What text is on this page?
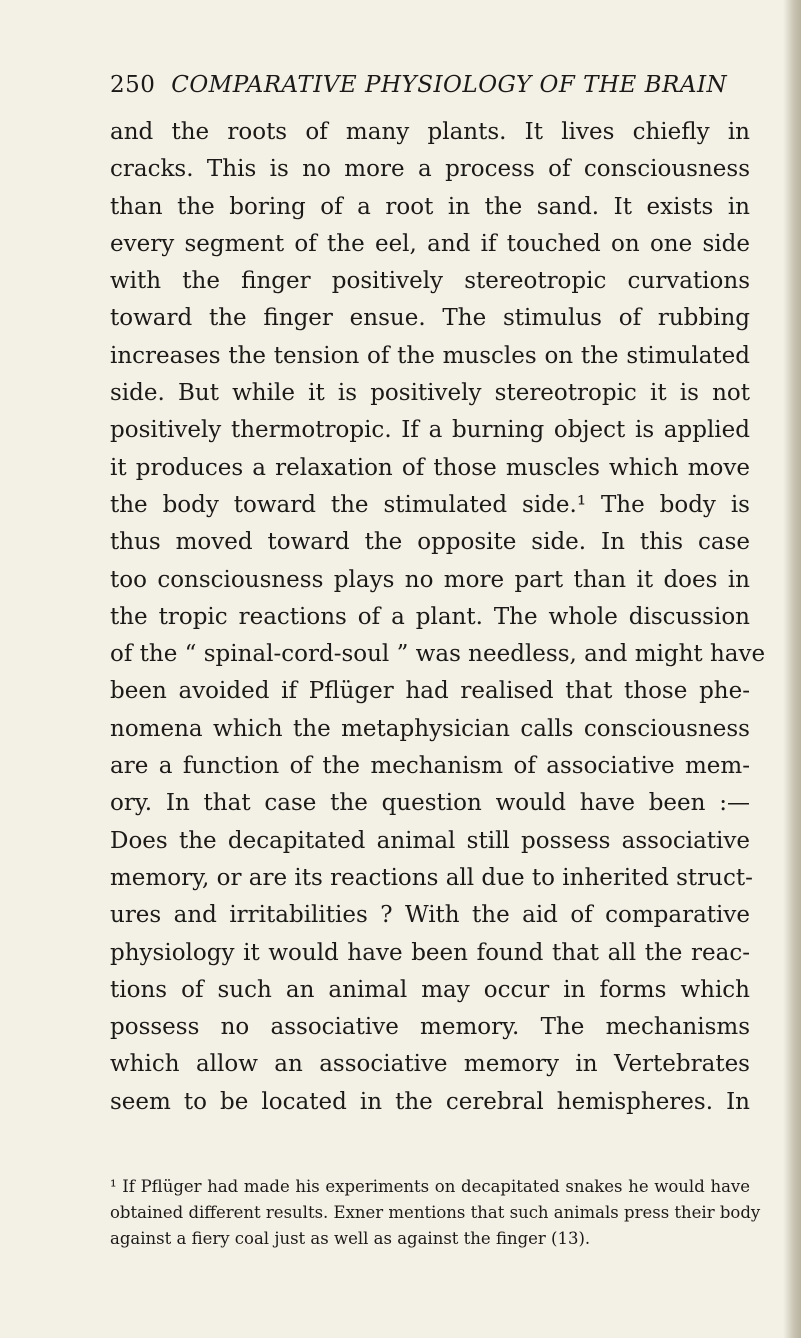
250 COMPARATIVE PHYSIOLOGY OF THE BRAIN
and the roots of many plants. It lives chiefly in
cracks. This is no more a process of consciousness
than the boring of a root in the sand. It exists in
every segment of the eel, and if touched on one side
with the finger positively stereotropic curvations
toward the finger ensue. The stimulus of rubbing
increases the tension of the muscles on the stimulated
side. But while it is positively stereotropic it is not
positively thermotropic. If a burning object is applied
it produces a relaxation of those muscles which move
the body toward the stimulated side.¹ The body is
thus moved toward the opposite side. In this case
too consciousness plays no more part than it does in
the tropic reactions of a plant. The whole discussion
of the “ spinal-cord-soul ” was needless, and might have
been avoided if Pflüger had realised that those phe-
nomena which the metaphysician calls consciousness
are a function of the mechanism of associative mem-
ory. In that case the question would have been :—
Does the decapitated animal still possess associative
memory, or are its reactions all due to inherited struct-
ures and irritabilities ? With the aid of comparative
physiology it would have been found that all the reac-
tions of such an animal may occur in forms which
possess no associative memory. The mechanisms
which allow an associative memory in Vertebrates
seem to be located in the cerebral hemispheres. In
¹ If Pflüger had made his experiments on decapitated snakes he would have
obtained different results. Exner mentions that such animals press their body
against a fiery coal just as well as against the finger (13).
